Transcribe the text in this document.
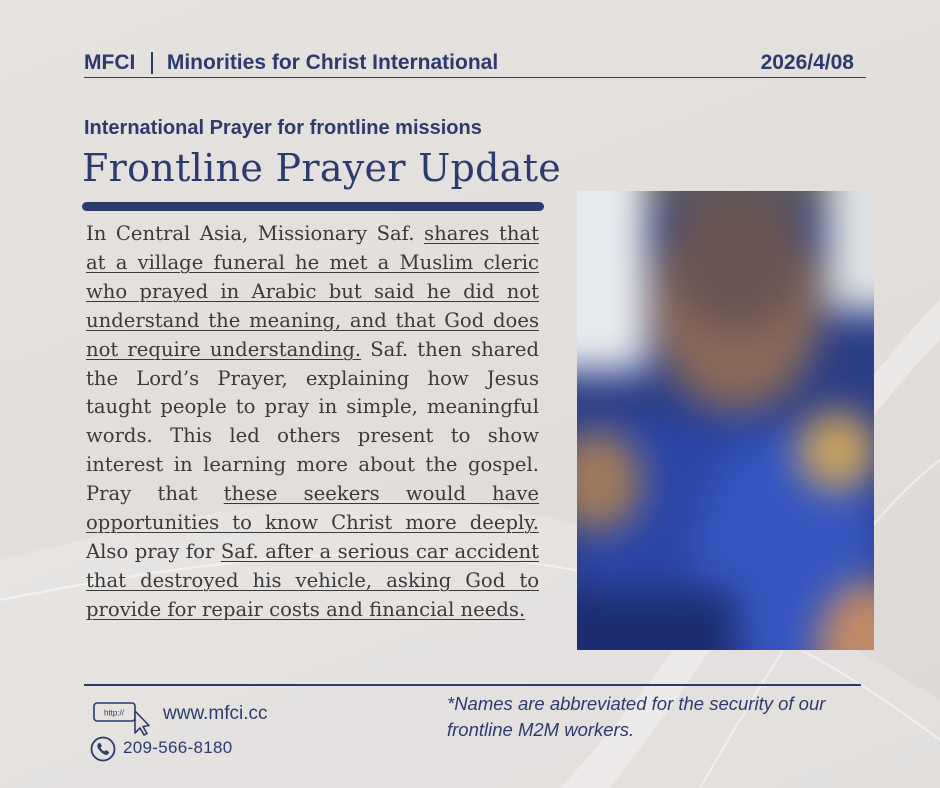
MFCI Minorities for Christ International	2026/4/08
International Prayer for frontline missions
Frontline Prayer Update
In Central Asia, Missionary Saf. shares that at a village funeral he met a Muslim cleric who prayed in Arabic but said he did not understand the meaning, and that God does not require understanding. Saf. then shared the Lord’s Prayer, explaining how Jesus taught people to pray in simple, meaningful words. This led others present to show interest in learning more about the gospel. Pray that these seekers would have opportunities to know Christ more deeply. Also pray for Saf. after a serious car accident that destroyed his vehicle, asking God to provide for repair costs and financial needs.
http:// www.mfci.cc
209-566-8180
*Names are abbreviated for the security of our frontline M2M workers.
